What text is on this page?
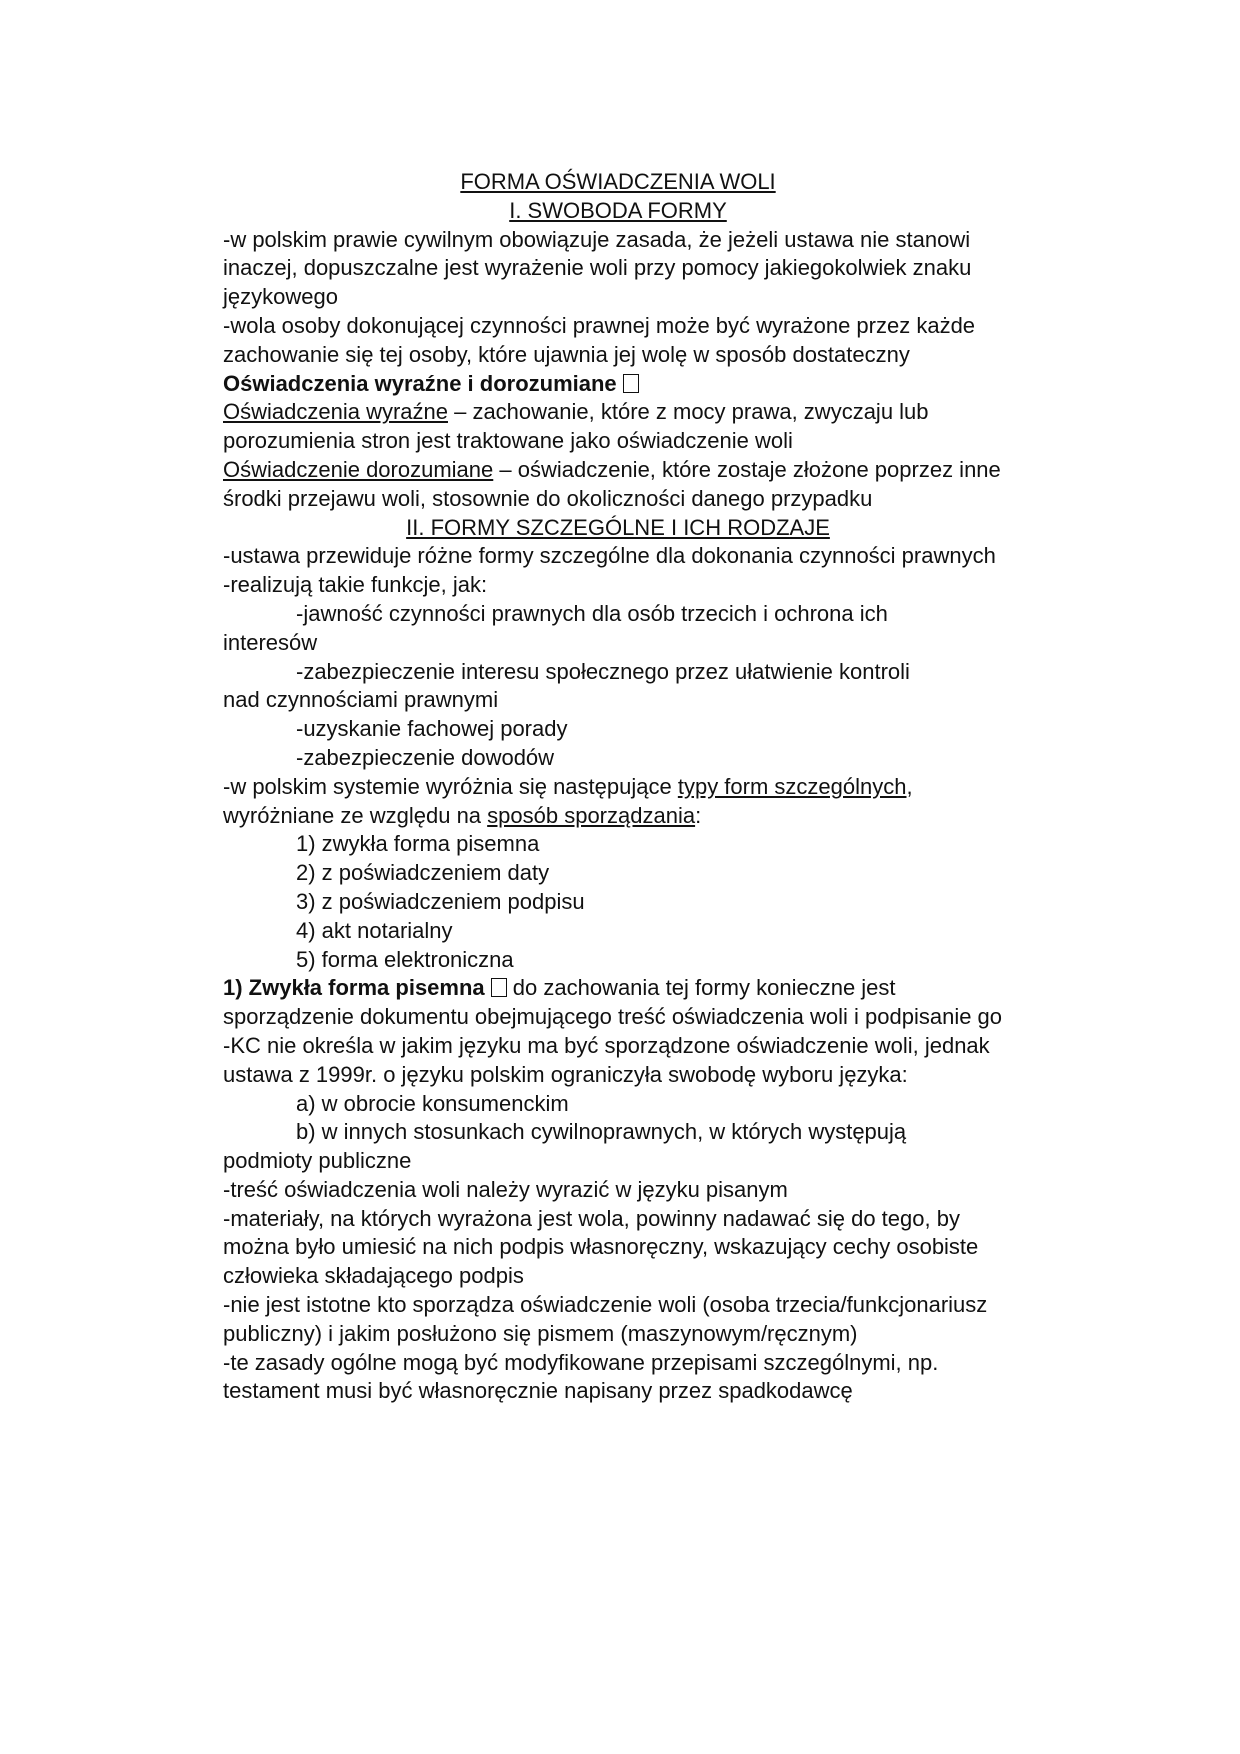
FORMA OŚWIADCZENIA WOLI

I. SWOBODA FORMY

-w polskim prawie cywilnym obowiązuje zasada, że jeżeli ustawa nie stanowi inaczej, dopuszczalne jest wyrażenie woli przy pomocy jakiegokolwiek znaku językowego

-wola osoby dokonującej czynności prawnej może być wyrażone przez każde zachowanie się tej osoby, które ujawnia jej wolę w sposób dostateczny

Oświadczenia wyraźne i dorozumiane

Oświadczenia wyraźne – zachowanie, które z mocy prawa, zwyczaju lub porozumienia stron jest traktowane jako oświadczenie woli

Oświadczenie dorozumiane – oświadczenie, które zostaje złożone poprzez inne środki przejawu woli, stosownie do okoliczności danego przypadku

II. FORMY SZCZEGÓLNE I ICH RODZAJE

-ustawa przewiduje różne formy szczególne dla dokonania czynności prawnych

-realizują takie funkcje, jak:

-jawność czynności prawnych dla osób trzecich i ochrona ich

interesów

-zabezpieczenie interesu społecznego przez ułatwienie kontroli

nad czynnościami prawnymi

-uzyskanie fachowej porady

-zabezpieczenie dowodów

-w polskim systemie wyróżnia się następujące typy form szczególnych, wyróżniane ze względu na sposób sporządzania:

1) zwykła forma pisemna

2) z poświadczeniem daty

3) z poświadczeniem podpisu

4) akt notarialny

5) forma elektroniczna

1) Zwykła forma pisemna do zachowania tej formy konieczne jest sporządzenie dokumentu obejmującego treść oświadczenia woli i podpisanie go

-KC nie określa w jakim języku ma być sporządzone oświadczenie woli, jednak ustawa z 1999r. o języku polskim ograniczyła swobodę wyboru języka:

a) w obrocie konsumenckim

b) w innych stosunkach cywilnoprawnych, w których występują

podmioty publiczne

-treść oświadczenia woli należy wyrazić w języku pisanym

-materiały, na których wyrażona jest wola, powinny nadawać się do tego, by można było umiesić na nich podpis własnoręczny, wskazujący cechy osobiste człowieka składającego podpis

-nie jest istotne kto sporządza oświadczenie woli (osoba trzecia/funkcjonariusz publiczny) i jakim posłużono się pismem (maszynowym/ręcznym)

-te zasady ogólne mogą być modyfikowane przepisami szczególnymi, np. testament musi być własnoręcznie napisany przez spadkodawcę
